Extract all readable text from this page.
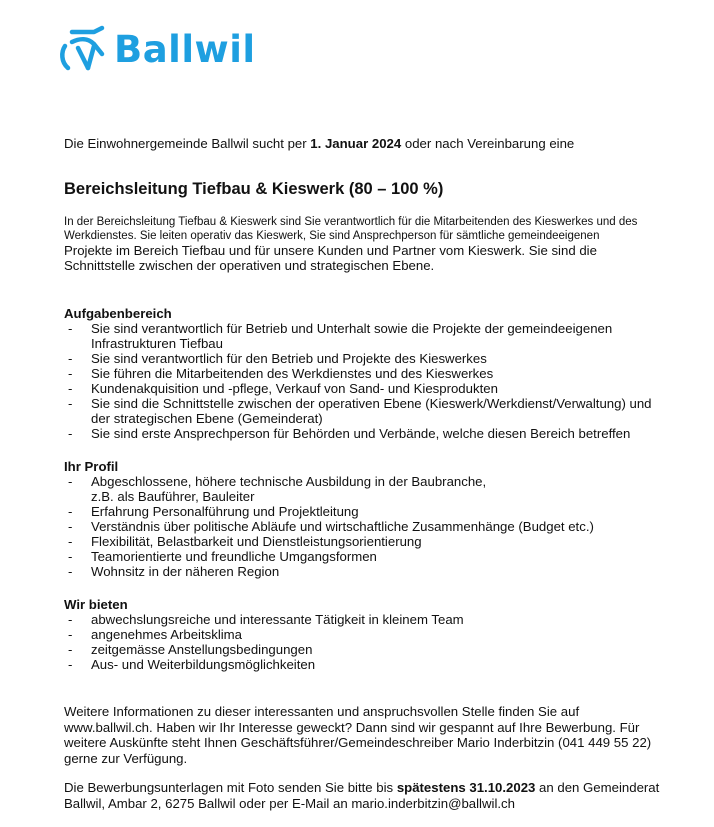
Ballwil
Die Einwohnergemeinde Ballwil sucht per 1. Januar 2024 oder nach Vereinbarung eine
Bereichsleitung Tiefbau & Kieswerk (80 – 100 %)
In der Bereichsleitung Tiefbau & Kieswerk sind Sie verantwortlich für die Mitarbeitenden des Kieswerkes und des
Werkdienstes. Sie leiten operativ das Kieswerk, Sie sind Ansprechperson für sämtliche gemeindeeigenen
Projekte im Bereich Tiefbau und für unsere Kunden und Partner vom Kieswerk. Sie sind die
Schnittstelle zwischen der operativen und strategischen Ebene.
Aufgabenbereich
- Sie sind verantwortlich für Betrieb und Unterhalt sowie die Projekte der gemeindeeigenen
Infrastrukturen Tiefbau
- Sie sind verantwortlich für den Betrieb und Projekte des Kieswerkes
- Sie führen die Mitarbeitenden des Werkdienstes und des Kieswerkes
- Kundenakquisition und -pflege, Verkauf von Sand- und Kiesprodukten
- Sie sind die Schnittstelle zwischen der operativen Ebene (Kieswerk/Werkdienst/Verwaltung) und
der strategischen Ebene (Gemeinderat)
- Sie sind erste Ansprechperson für Behörden und Verbände, welche diesen Bereich betreffen
Ihr Profil
- Abgeschlossene, höhere technische Ausbildung in der Baubranche,
z.B. als Bauführer, Bauleiter
- Erfahrung Personalführung und Projektleitung
- Verständnis über politische Abläufe und wirtschaftliche Zusammenhänge (Budget etc.)
- Flexibilität, Belastbarkeit und Dienstleistungsorientierung
- Teamorientierte und freundliche Umgangsformen
- Wohnsitz in der näheren Region
Wir bieten
- abwechslungsreiche und interessante Tätigkeit in kleinem Team
- angenehmes Arbeitsklima
- zeitgemässe Anstellungsbedingungen
- Aus- und Weiterbildungsmöglichkeiten
Weitere Informationen zu dieser interessanten und anspruchsvollen Stelle finden Sie auf
www.ballwil.ch. Haben wir Ihr Interesse geweckt? Dann sind wir gespannt auf Ihre Bewerbung. Für
weitere Auskünfte steht Ihnen Geschäftsführer/Gemeindeschreiber Mario Inderbitzin (041 449 55 22)
gerne zur Verfügung.
Die Bewerbungsunterlagen mit Foto senden Sie bitte bis spätestens 31.10.2023 an den Gemeinderat
Ballwil, Ambar 2, 6275 Ballwil oder per E-Mail an mario.inderbitzin@ballwil.ch
